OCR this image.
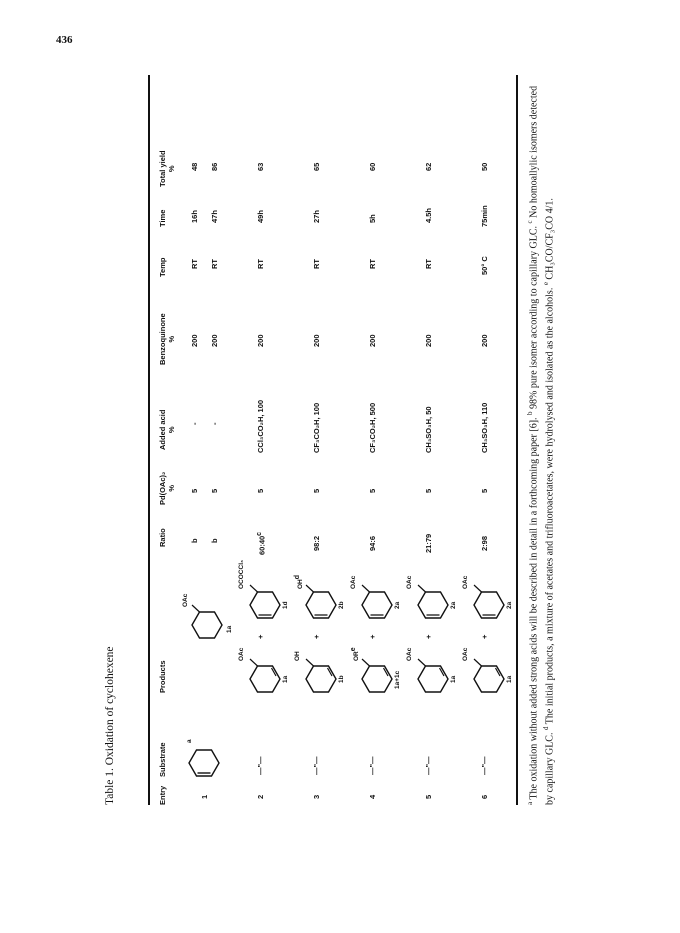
436
Table 1. Oxidation of cyclohexene	Entry
Substrate
Products
Ratio
Pd(OAc)₂ %
Added acid %
Benzoquinone %
Temp
Time
Total yield %
1
a
OAc
1a
b b
5 5
- -
200 200
RT RT
16h 47h
48 86
2
—"—
OAc
1a
+
OCOCCl₃
1d
60:40$^c$
5
CCl₃CO₂H, 100
200
RT
49h
63
3
—"—
OH
1b
+
$OH^d$
2b
98:2
5
CF₃CO₂H, 100
200
RT
27h
65
4
—"—
$OR^e$
1a+1c
+
OAc
2a
94:6
5
CF₃CO₂H, 500
200
RT
5h
60
5
—"—
OAc
1a
+
OAc
2a
21:79
5
CH₃SO₃H, 50
200
RT
4.5h
62
6
—"—
OAc
1a
+
OAc
2a
2:98
5
CH₃SO₃H, 110
200
50° C
75min
50
$^a$ The oxidation without added strong acids will be described in detail in a forthcoming paper [6]. $^b$ 98% pure isomer according to capillary GLC. $^c$ No homoallylic isomers detected by capillary GLC. $^d$ The initial products, a mixture of acetates and trifluoroacetates, were hydrolysed and isolated as the alcohols. $^e$ CH₃CO/CF₃CO 4/1.
